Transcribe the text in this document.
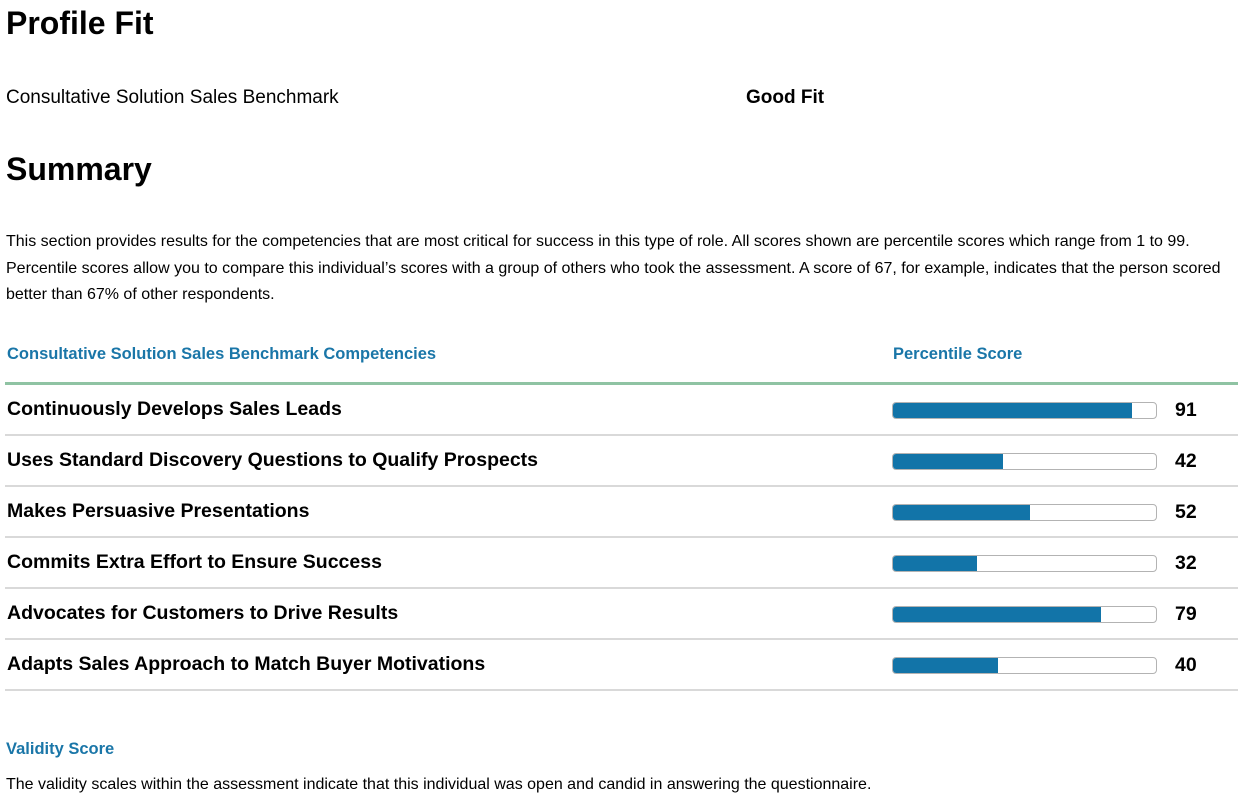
Profile Fit
Consultative Solution Sales Benchmark	Good Fit
Summary

This section provides results for the competencies that are most critical for success in this type of role. All scores shown are percentile scores which range from 1 to 99. Percentile scores allow you to compare this individual’s scores with a group of others who took the assessment. A score of 67, for example, indicates that the person scored better than 67% of other respondents.

Consultative Solution Sales Benchmark Competencies	Percentile Score
Continuously Develops Sales Leads	91
Uses Standard Discovery Questions to Qualify Prospects	42
Makes Persuasive Presentations	52
Commits Extra Effort to Ensure Success	32
Advocates for Customers to Drive Results	79
Adapts Sales Approach to Match Buyer Motivations	40
Validity Score

The validity scales within the assessment indicate that this individual was open and candid in answering the questionnaire.
